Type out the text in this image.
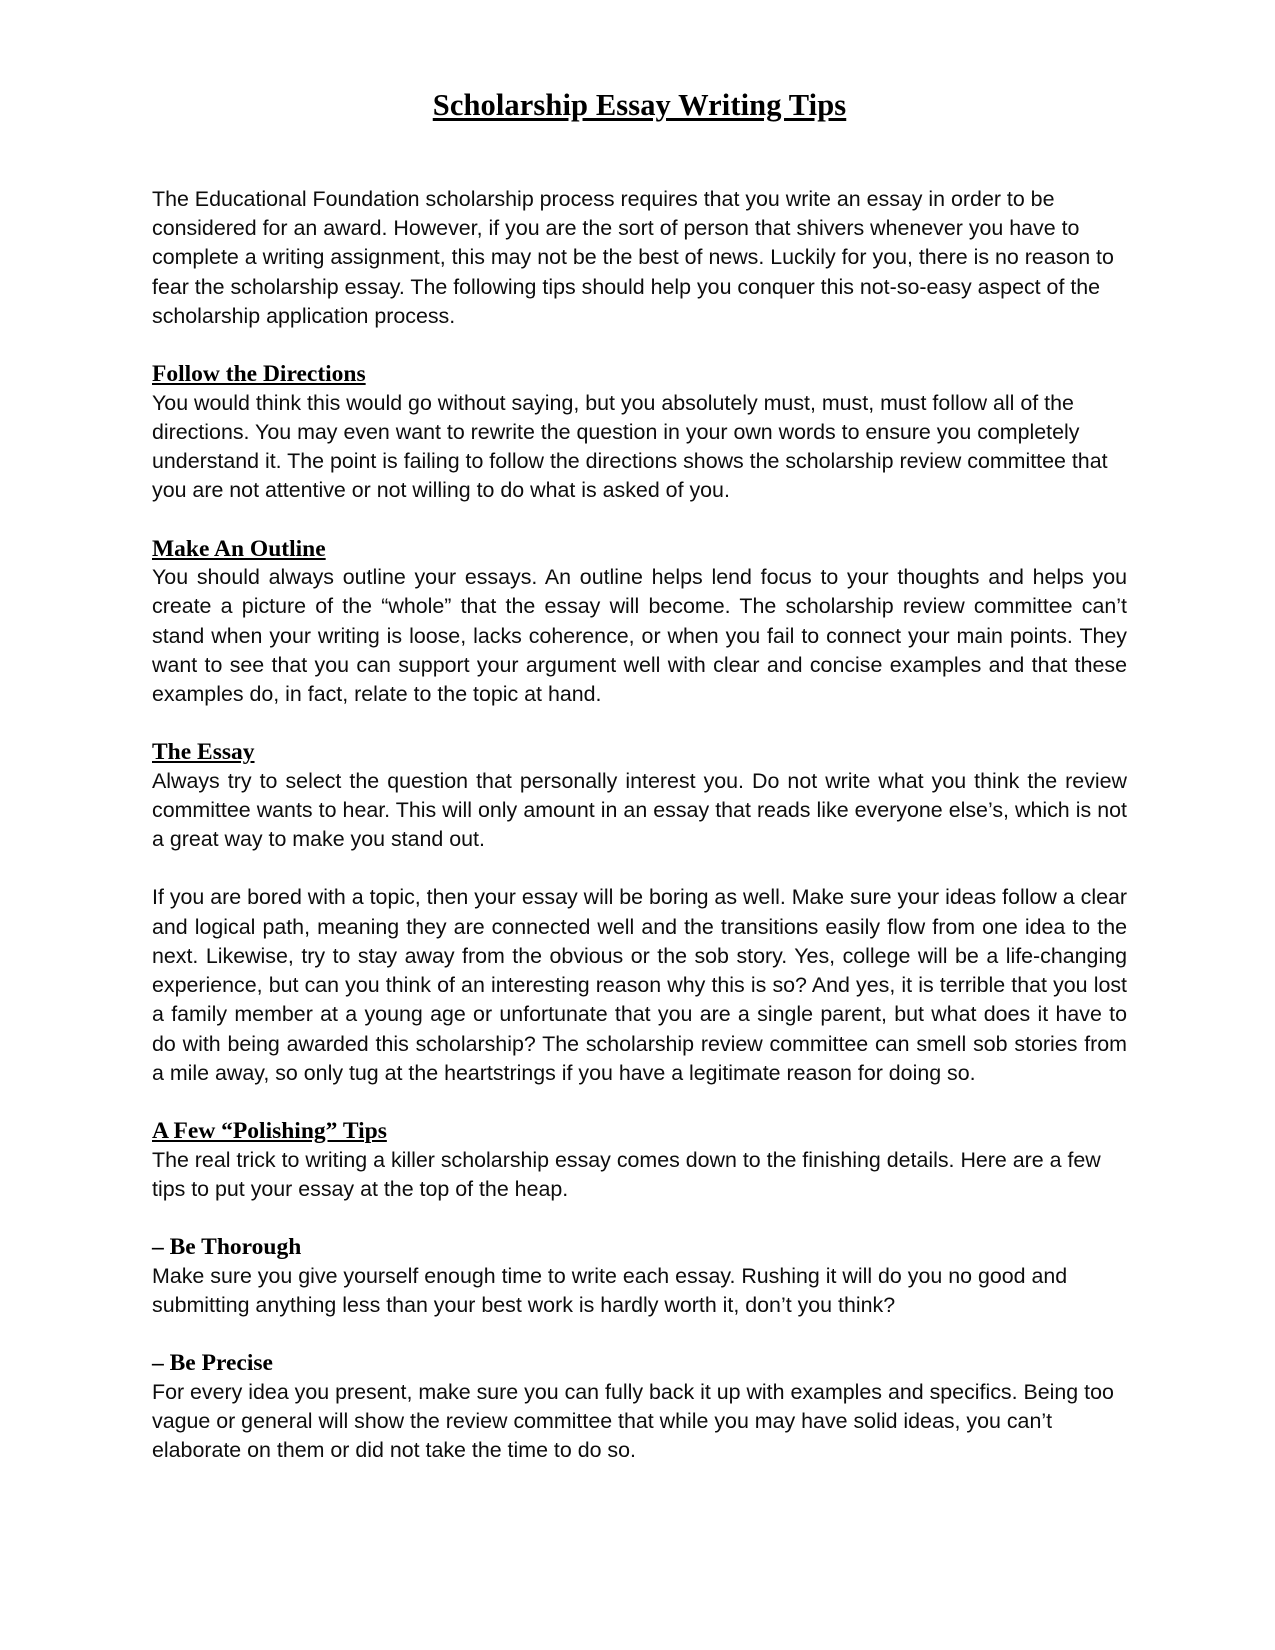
Scholarship Essay Writing Tips

The Educational Foundation scholarship process requires that you write an essay in order to be considered for an award. However, if you are the sort of person that shivers whenever you have to complete a writing assignment, this may not be the best of news. Luckily for you, there is no reason to fear the scholarship essay. The following tips should help you conquer this not-so-easy aspect of the scholarship application process.

Follow the Directions

You would think this would go without saying, but you absolutely must, must, must follow all of the directions. You may even want to rewrite the question in your own words to ensure you completely understand it. The point is failing to follow the directions shows the scholarship review committee that you are not attentive or not willing to do what is asked of you.

Make An Outline

You should always outline your essays. An outline helps lend focus to your thoughts and helps you create a picture of the “whole” that the essay will become. The scholarship review committee can’t stand when your writing is loose, lacks coherence, or when you fail to connect your main points. They want to see that you can support your argument well with clear and concise examples and that these examples do, in fact, relate to the topic at hand.

The Essay

Always try to select the question that personally interest you. Do not write what you think the review committee wants to hear. This will only amount in an essay that reads like everyone else’s, which is not a great way to make you stand out.

If you are bored with a topic, then your essay will be boring as well. Make sure your ideas follow a clear and logical path, meaning they are connected well and the transitions easily flow from one idea to the next. Likewise, try to stay away from the obvious or the sob story. Yes, college will be a life-changing experience, but can you think of an interesting reason why this is so? And yes, it is terrible that you lost a family member at a young age or unfortunate that you are a single parent, but what does it have to do with being awarded this scholarship? The scholarship review committee can smell sob stories from a mile away, so only tug at the heartstrings if you have a legitimate reason for doing so.

A Few “Polishing” Tips

The real trick to writing a killer scholarship essay comes down to the finishing details. Here are a few tips to put your essay at the top of the heap.

– Be Thorough

Make sure you give yourself enough time to write each essay. Rushing it will do you no good and submitting anything less than your best work is hardly worth it, don’t you think?

– Be Precise

For every idea you present, make sure you can fully back it up with examples and specifics. Being too vague or general will show the review committee that while you may have solid ideas, you can’t elaborate on them or did not take the time to do so.
